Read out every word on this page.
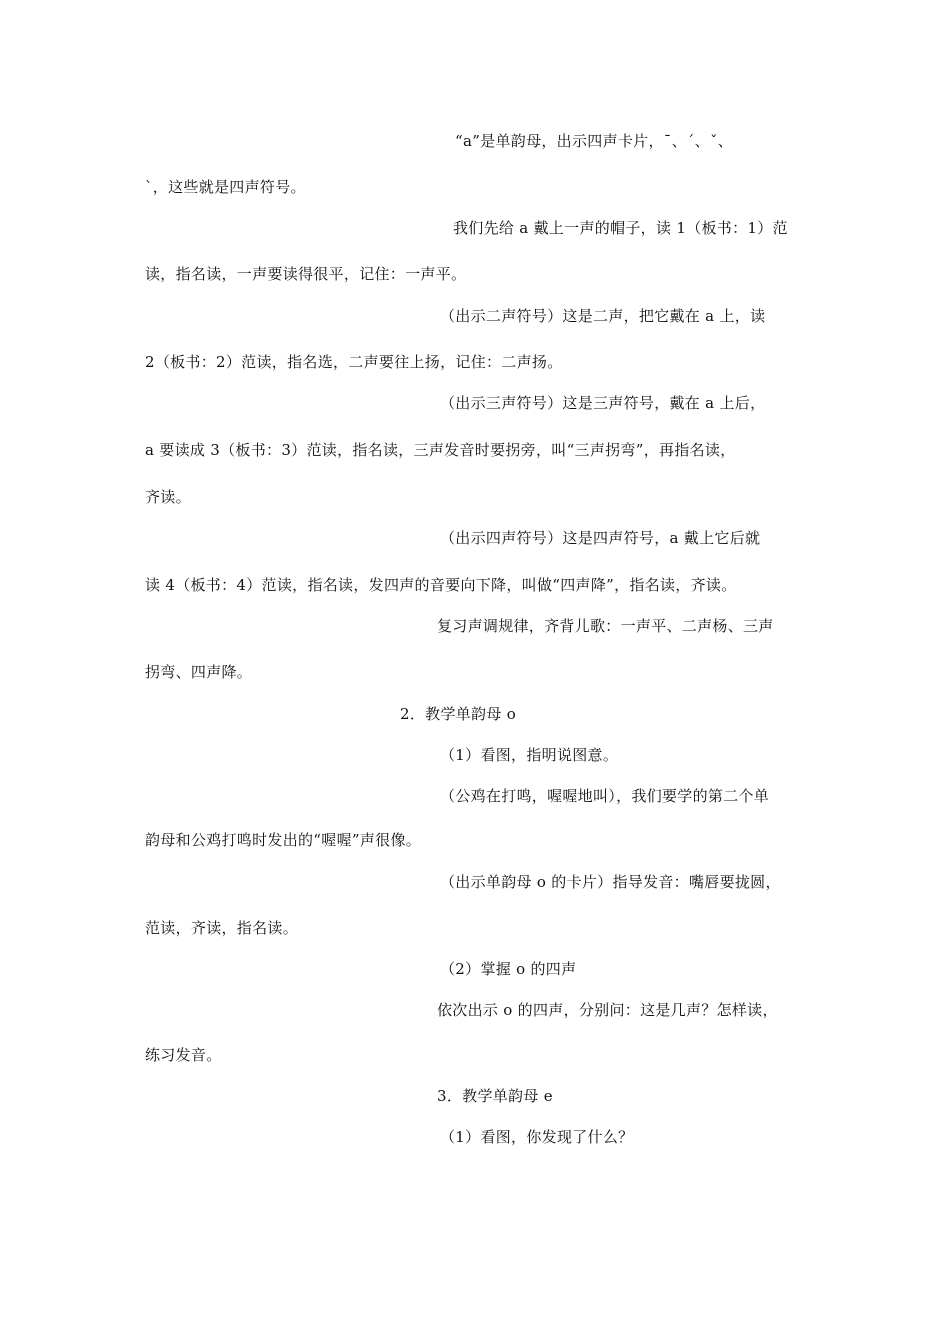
“a”是单韵母，出示四声卡片，ˉ、ˊ、ˇ、
ˋ，这些就是四声符号。
我们先给 a 戴上一声的帽子，读 1（板书：1）范
读，指名读，一声要读得很平，记住：一声平。
（出示二声符号）这是二声，把它戴在 a 上，读
2（板书：2）范读，指名选，二声要往上扬，记住：二声扬。
（出示三声符号）这是三声符号，戴在 a 上后，
a 要读成 3（板书：3）范读，指名读，三声发音时要拐旁，叫“三声拐弯”，再指名读，
齐读。
（出示四声符号）这是四声符号，a 戴上它后就
读 4（板书：4）范读，指名读，发四声的音要向下降，叫做“四声降”，指名读，齐读。
复习声调规律，齐背儿歌：一声平、二声杨、三声
拐弯、四声降。
2．教学单韵母 o
（1）看图，指明说图意。
（公鸡在打鸣，喔喔地叫），我们要学的第二个单
韵母和公鸡打鸣时发出的“喔喔”声很像。
（出示单韵母 o 的卡片）指导发音：嘴唇要拢圆，
范读，齐读，指名读。
（2）掌握 o 的四声
依次出示 o 的四声，分别问：这是几声？怎样读，
练习发音。
3．教学单韵母 e
（1）看图，你发现了什么？
